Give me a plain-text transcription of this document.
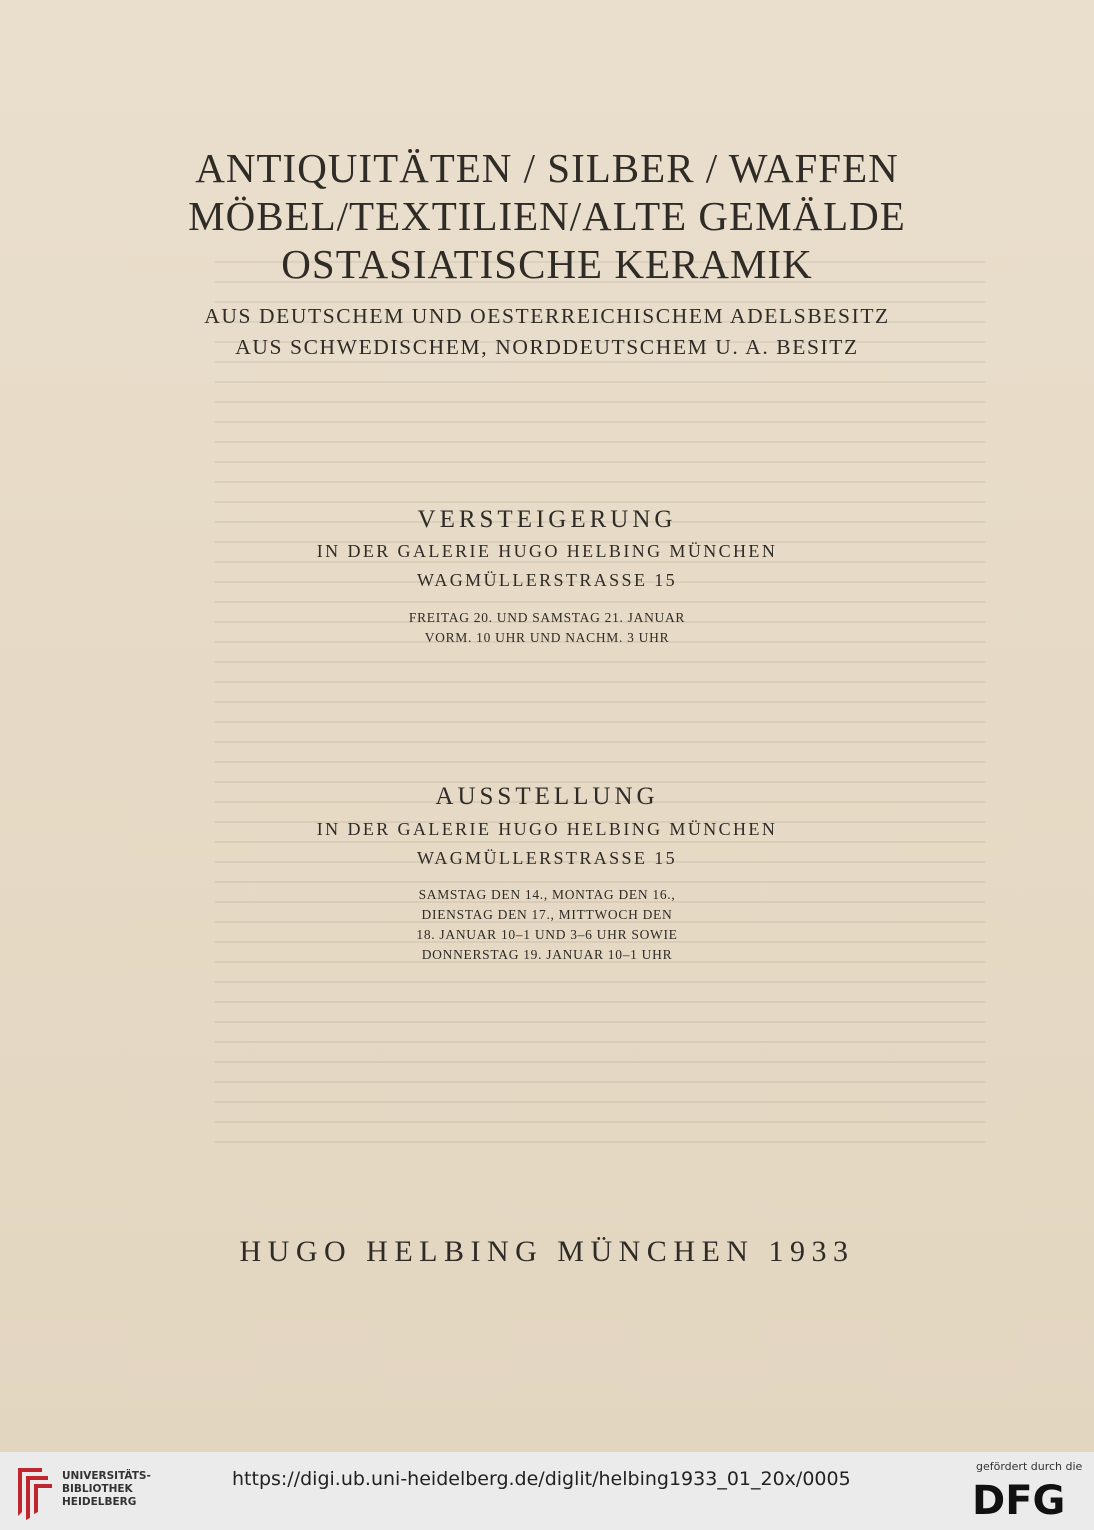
ANTIQUITÄTEN / SILBER / WAFFEN
MÖBEL/TEXTILIEN/ALTE GEMÄLDE
OSTASIATISCHE KERAMIK
AUS DEUTSCHEM UND OESTERREICHISCHEM ADELSBESITZ
AUS SCHWEDISCHEM, NORDDEUTSCHEM U. A. BESITZ
VERSTEIGERUNG
IN DER GALERIE HUGO HELBING MÜNCHEN
WAGMÜLLERSTRASSE 15
FREITAG 20. UND SAMSTAG 21. JANUAR
VORM. 10 UHR UND NACHM. 3 UHR
AUSSTELLUNG
IN DER GALERIE HUGO HELBING MÜNCHEN
WAGMÜLLERSTRASSE 15
SAMSTAG DEN 14., MONTAG DEN 16.,
DIENSTAG DEN 17., MITTWOCH DEN
18. JANUAR 10–1 UND 3–6 UHR SOWIE
DONNERSTAG 19. JANUAR 10–1 UHR
HUGO HELBING MÜNCHEN 1933
UNIVERSITÄTS-
BIBLIOTHEK
HEIDELBERG
https://digi.ub.uni-heidelberg.de/diglit/helbing1933_01_20x/0005
gefördert durch die
DFG
